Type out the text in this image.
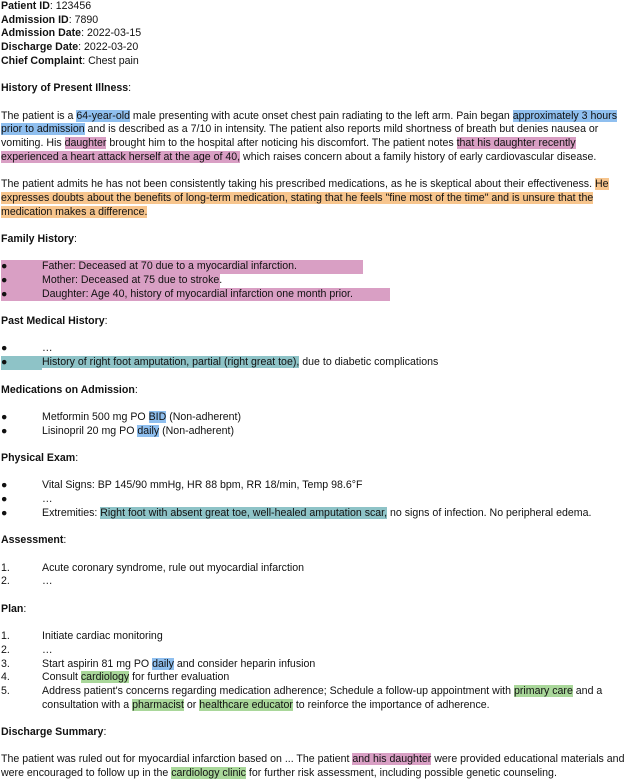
Patient ID: 123456
Admission ID: 7890
Admission Date: 2022-03-15
Discharge Date: 2022-03-20
Chief Complaint: Chest pain
History of Present Illness:
The patient is a 64-year-old male presenting with acute onset chest pain radiating to the left arm. Pain began approximately 3 hours prior to admission and is described as a 7/10 in intensity. The patient also reports mild shortness of breath but denies nausea or vomiting. His daughter brought him to the hospital after noticing his discomfort. The patient notes that his daughter recently experienced a heart attack herself at the age of 40, which raises concern about a family history of early cardiovascular disease.
The patient admits he has not been consistently taking his prescribed medications, as he is skeptical about their effectiveness. He expresses doubts about the benefits of long-term medication, stating that he feels "fine most of the time" and is unsure that the medication makes a difference.
Family History:
●	Father: Deceased at 70 due to a myocardial infarction.
●	Mother: Deceased at 75 due to stroke.
●	Daughter: Age 40, history of myocardial infarction one month prior.
Past Medical History:
●	…
●	History of right foot amputation, partial (right great toe), due to diabetic complications
Medications on Admission:
●	Metformin 500 mg PO BID (Non-adherent)
●	Lisinopril 20 mg PO daily (Non-adherent)
Physical Exam:
●	Vital Signs: BP 145/90 mmHg, HR 88 bpm, RR 18/min, Temp 98.6°F
●	…
●	Extremities: Right foot with absent great toe, well-healed amputation scar, no signs of infection. No peripheral edema.
Assessment:
1.	Acute coronary syndrome, rule out myocardial infarction
2.	…
Plan:
1.	Initiate cardiac monitoring
2.	…
3.	Start aspirin 81 mg PO daily and consider heparin infusion
4.	Consult cardiology for further evaluation
5.	Address patient's concerns regarding medication adherence; Schedule a follow-up appointment with primary care and a consultation with a pharmacist or healthcare educator to reinforce the importance of adherence.
Discharge Summary:
The patient was ruled out for myocardial infarction based on ... The patient and his daughter were provided educational materials and were encouraged to follow up in the cardiology clinic for further risk assessment, including possible genetic counseling.
